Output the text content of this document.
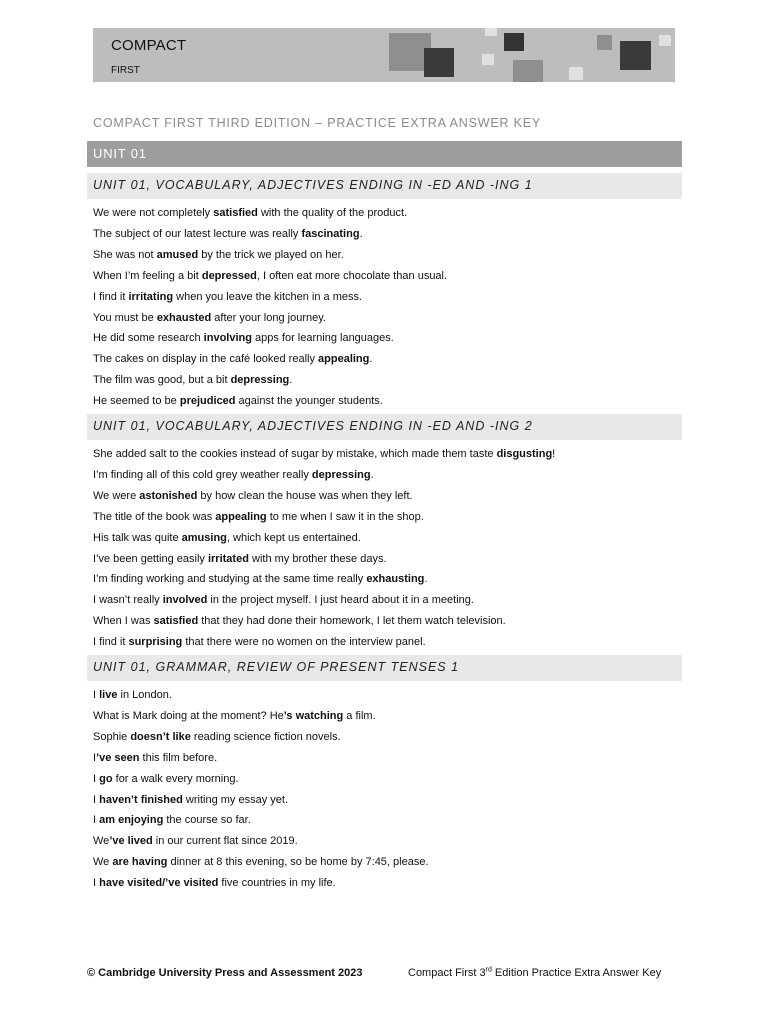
COMPACT
FIRST
COMPACT FIRST THIRD EDITION – PRACTICE EXTRA ANSWER KEY
UNIT 01
UNIT 01, VOCABULARY, ADJECTIVES ENDING IN -ED AND -ING 1
We were not completely satisfied with the quality of the product.
The subject of our latest lecture was really fascinating.
She was not amused by the trick we played on her.
When I’m feeling a bit depressed, I often eat more chocolate than usual.
I find it irritating when you leave the kitchen in a mess.
You must be exhausted after your long journey.
He did some research involving apps for learning languages.
The cakes on display in the café looked really appealing.
The film was good, but a bit depressing.
He seemed to be prejudiced against the younger students.
UNIT 01, VOCABULARY, ADJECTIVES ENDING IN -ED AND -ING 2
She added salt to the cookies instead of sugar by mistake, which made them taste disgusting!
I’m finding all of this cold grey weather really depressing.
We were astonished by how clean the house was when they left.
The title of the book was appealing to me when I saw it in the shop.
His talk was quite amusing, which kept us entertained.
I’ve been getting easily irritated with my brother these days.
I’m finding working and studying at the same time really exhausting.
I wasn’t really involved in the project myself. I just heard about it in a meeting.
When I was satisfied that they had done their homework, I let them watch television.
I find it surprising that there were no women on the interview panel.
UNIT 01, GRAMMAR, REVIEW OF PRESENT TENSES 1
I live in London.
What is Mark doing at the moment? He’s watching a film.
Sophie doesn’t like reading science fiction novels.
I’ve seen this film before.
I go for a walk every morning.
I haven’t finished writing my essay yet.
I am enjoying the course so far.
We’ve lived in our current flat since 2019.
We are having dinner at 8 this evening, so be home by 7:45, please.
I have visited/’ve visited five countries in my life.
© Cambridge University Press and Assessment 2023	Compact First 3rd Edition Practice Extra Answer Key
